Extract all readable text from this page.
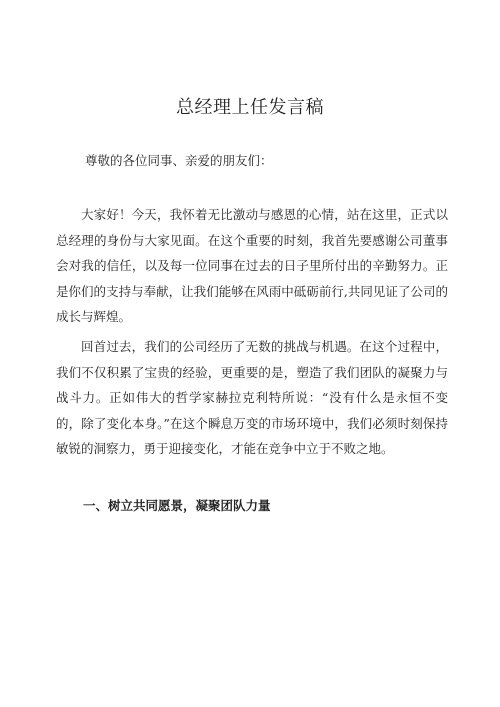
总经理上任发言稿
尊敬的各位同事、亲爱的朋友们：

大家好！今天，我怀着无比激动与感恩的心情，站在这里，正式以总经理的身份与大家见面。在这个重要的时刻，我首先要感谢公司董事会对我的信任，以及每一位同事在过去的日子里所付出的辛勤努力。正是你们的支持与奉献，让我们能够在风雨中砥砺前行,共同见证了公司的成长与辉煌。

回首过去，我们的公司经历了无数的挑战与机遇。在这个过程中，我们不仅积累了宝贵的经验，更重要的是，塑造了我们团队的凝聚力与战斗力。正如伟大的哲学家赫拉克利特所说：“没有什么是永恒不变的，除了变化本身。”在这个瞬息万变的市场环境中，我们必须时刻保持敏锐的洞察力，勇于迎接变化，才能在竞争中立于不败之地。

一、树立共同愿景，凝聚团队力量
